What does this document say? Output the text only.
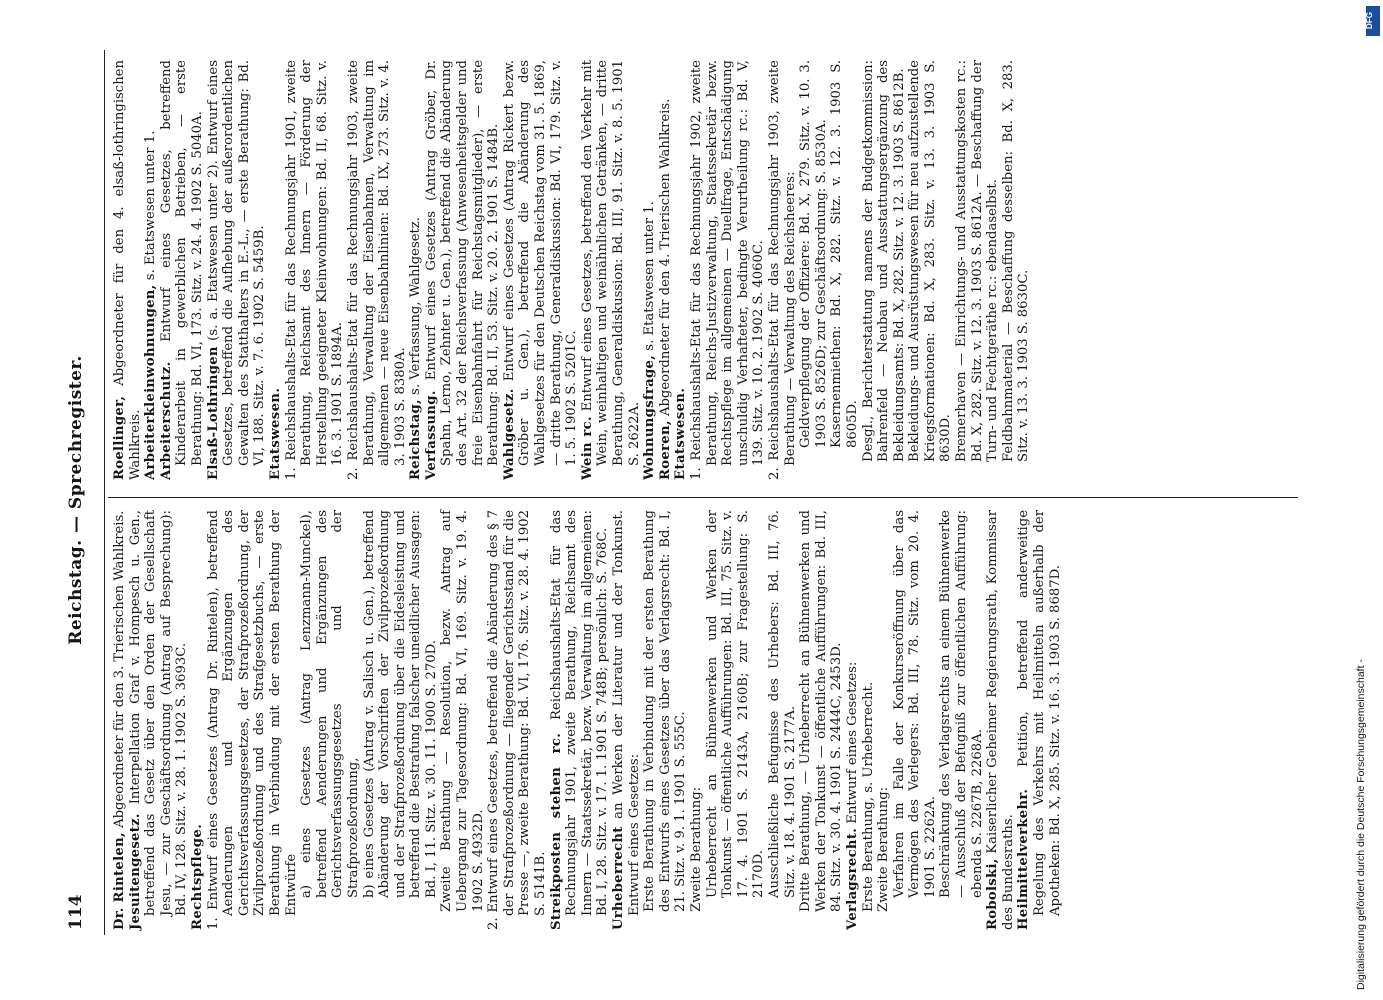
114
Reichstag. — Sprechregister.

Dr. Rintelen, Abgeordneter für den 3. Trierischen Wahlkreis.

Jesuitengesetz. Interpellation Graf v. Hompesch u. Gen., betreffend das Gesetz über den Orden der Gesellschaft Jesu, — zur Geschäftsordnung (Antrag auf Besprechung): Bd. IV, 128. Sitz. v. 28. 1. 1902 S. 3693C. Rechtspflege. 1. Entwurf eines Gesetzes (Antrag Dr. Rintelen), betreffend Aenderungen und Ergänzungen des Gerichtsverfassungsgesetzes, der Strafprozeßordnung, der Zivilprozeßordnung und des Strafgesetzbuchs, — erste Berathung in Verbindung mit der ersten Berathung der Entwürfe a) eines Gesetzes (Antrag Lenzmann-Munckel), betreffend Aenderungen und Ergänzungen des Gerichtsverfassungsgesetzes und der Strafprozeßordnung, b) eines Gesetzes (Antrag v. Salisch u. Gen.), betreffend Abänderung der Vorschriften der Zivilprozeßordnung und der Strafprozeßordnung über die Eidesleistung und betreffend die Bestrafung falscher uneidlicher Aussagen: Bd. I, 11. Sitz. v. 30. 11. 1900 S. 270D. Zweite Berathung — Resolution, bezw. Antrag auf Uebergang zur Tagesordnung: Bd. VI, 169. Sitz. v. 19. 4. 1902 S. 4932D. 2. Entwurf eines Gesetzes, betreffend die Abänderung des § 7 der Strafprozeßordnung — fliegender Gerichtsstand für die Presse —, zweite Berathung: Bd. VI, 176. Sitz. v. 28. 4. 1902 S. 5141B. Streikposten stehen rc. Reichshaushalts-Etat für das Rechnungsjahr 1901, zweite Berathung, Reichsamt des Innern — Staatssekretär, bezw. Verwaltung im allgemeinen: Bd. I, 28. Sitz. v. 17. 1. 1901 S. 748B; persönlich: S. 768C. Urheberrecht an Werken der Literatur und der Tonkunst. Entwurf eines Gesetzes: Erste Berathung in Verbindung mit der ersten Berathung des Entwurfs eines Gesetzes über das Verlagsrecht: Bd. I, 21. Sitz. v. 9. 1. 1901 S. 555C. Zweite Berathung: Urheberrecht an Bühnenwerken und Werken der Tonkunst — öffentliche Aufführungen: Bd. III, 75. Sitz. v. 17. 4. 1901 S. 2143A, 2160B; zur Fragestellung: S. 2170D. Ausschließliche Befugnisse des Urhebers: Bd. III, 76. Sitz. v. 18. 4. 1901 S. 2177A. Dritte Berathung, — Urheberrecht an Bühnenwerken und Werken der Tonkunst — öffentliche Aufführungen: Bd. III, 84. Sitz. v. 30. 4. 1901 S. 2444C, 2453D. Verlagsrecht. Entwurf eines Gesetzes: Erste Berathung, s. Urheberrecht. Zweite Berathung: Verfahren im Falle der Konkurseröffnung über das Vermögen des Verlegers: Bd. III, 78. Sitz. vom 20. 4. 1901 S. 2262A. Beschränkung des Verlagsrechts an einem Bühnenwerke — Ausschluß der Befugniß zur öffentlichen Aufführung: ebenda S. 2267B, 2268A. Robolski, Kaiserlicher Geheimer Regierungsrath, Kommissar des Bundesraths. Heilmittelverkehr. Petition, betreffend anderweitige Regelung des Verkehrs mit Heilmitteln außerhalb der Apotheken: Bd. X, 285. Sitz. v. 16. 3. 1903 S. 8687D.

Roellinger, Abgeordneter für den 4. elsaß-lothringischen Wahlkreis. Arbeiterkleinwohnungen, s. Etatswesen unter 1.

Arbeiterschutz. Entwurf eines Gesetzes, betreffend Kinderarbeit in gewerblichen Betrieben, — erste Berathung: Bd. VI, 173. Sitz. v. 24. 4. 1902 S. 5040A. Elsaß-Lothringen (s. a. Etatswesen unter 2). Entwurf eines Gesetzes, betreffend die Aufhebung der außerordentlichen Gewalten des Statthalters in E.-L., — erste Berathung: Bd. VI, 188. Sitz. v. 7. 6. 1902 S. 5459B. Etatswesen. 1. Reichshaushalts-Etat für das Rechnungsjahr 1901, zweite Berathung, Reichsamt des Innern — Förderung der Herstellung geeigneter Kleinwohnungen: Bd. II, 68. Sitz. v. 16. 3. 1901 S. 1894A. 2. Reichshaushalts-Etat für das Rechnungsjahr 1903, zweite Berathung, Verwaltung der Eisenbahnen, Verwaltung im allgemeinen — neue Eisenbahnlinien: Bd. IX, 273. Sitz. v. 4. 3. 1903 S. 8380A. Reichstag, s. Verfassung, Wahlgesetz.

Verfassung. Entwurf eines Gesetzes (Antrag Gröber, Dr. Spahn, Lerno, Zehnter u. Gen.), betreffend die Abänderung des Art. 32 der Reichsverfassung (Anwesenheitsgelder und freie Eisenbahnfahrt für Reichstagsmitglieder), — erste Berathung: Bd. II, 53. Sitz. v. 20. 2. 1901 S. 1484B. Wahlgesetz. Entwurf eines Gesetzes (Antrag Rickert bezw. Gröber u. Gen.), betreffend die Abänderung des Wahlgesetzes für den Deutschen Reichstag vom 31. 5. 1869, — dritte Berathung, Generaldiskussion: Bd. VI, 179. Sitz. v. 1. 5. 1902 S. 5201C. Wein rc. Entwurf eines Gesetzes, betreffend den Verkehr mit Wein, weinhaltigen und weinähnlichen Getränken, — dritte Berathung, Generaldiskussion: Bd. III, 91. Sitz. v. 8. 5. 1901 S. 2622A. Wohnungsfrage, s. Etatswesen unter 1.

Roeren, Abgeordneter für den 4. Trierischen Wahlkreis.

Etatswesen. 1. Reichshaushalts-Etat für das Rechnungsjahr 1902, zweite Berathung, Reichs-Justizverwaltung, Staatssekretär bezw. Rechtspflege im allgemeinen — Duellfrage, Entschädigung unschuldig Verhafteter, bedingte Verurtheilung rc.: Bd. V, 139. Sitz. v. 10. 2. 1902 S. 4060C. 2. Reichshaushalts-Etat für das Rechnungsjahr 1903, zweite Berathung — Verwaltung des Reichsheeres: Geldverpflegung der Offiziere: Bd. X, 279. Sitz. v. 10. 3. 1903 S. 8526D; zur Geschäftsordnung: S. 8530A. Kasernenmiethen: Bd. X, 282. Sitz. v. 12. 3. 1903 S. 8605D. Desgl., Berichterstattung namens der Budgetkommission: Bahrenfeld — Neubau und Ausstattungsergänzung des Bekleidungsamts: Bd. X, 282. Sitz. v. 12. 3. 1903 S. 8612B. Bekleidungs- und Ausrüstungswesen für neu aufzustellende Kriegsformationen: Bd. X, 283. Sitz. v. 13. 3. 1903 S. 8630D. Bremerhaven — Einrichtungs- und Ausstattungskosten rc.: Bd. X, 282. Sitz. v. 12. 3. 1903 S. 8612A. — Beschaffung der Turn- und Fechtgeräthe rc.: ebendaselbst. Feldbahnmaterial — Beschaffung desselben: Bd. X, 283. Sitz. v. 13. 3. 1903 S. 8630C.

Digitalisierung gefördert durch die Deutsche Forschungsgemeinschaft -
DFG
